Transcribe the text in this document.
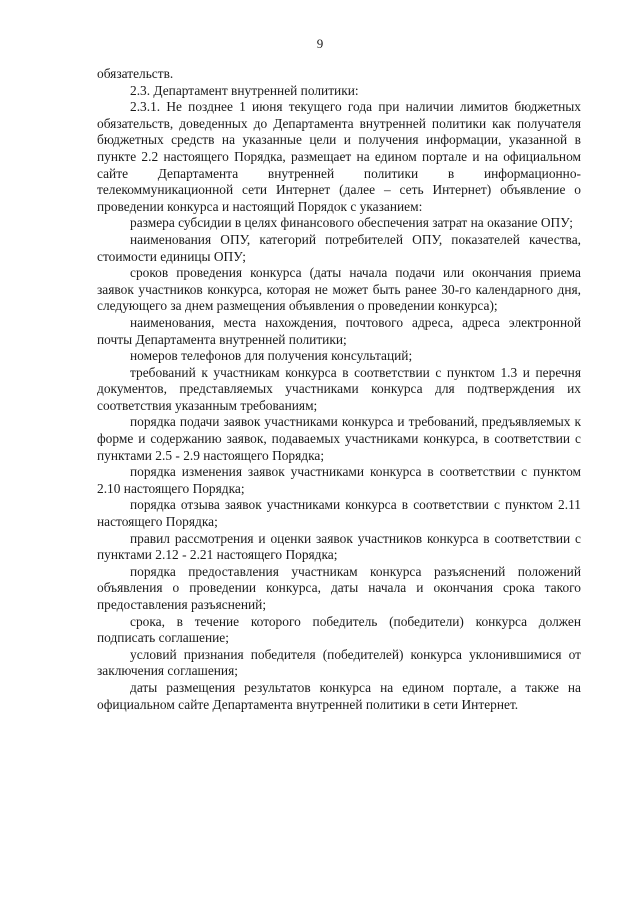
9

обязательств.

2.3. Департамент внутренней политики:

2.3.1. Не позднее 1 июня текущего года при наличии лимитов бюджетных обязательств, доведенных до Департамента внутренней политики как получателя бюджетных средств на указанные цели и получения информации, указанной в пункте 2.2 настоящего Порядка, размещает на едином портале и на официальном сайте Департамента внутренней политики в информационно-телекоммуникационной сети Интернет (далее – сеть Интернет) объявление о проведении конкурса и настоящий Порядок с указанием:

размера субсидии в целях финансового обеспечения затрат на оказание ОПУ;

наименования ОПУ, категорий потребителей ОПУ, показателей качества, стоимости единицы ОПУ;

сроков проведения конкурса (даты начала подачи или окончания приема заявок участников конкурса, которая не может быть ранее 30-го календарного дня, следующего за днем размещения объявления о проведении конкурса);

наименования, места нахождения, почтового адреса, адреса электронной почты Департамента внутренней политики;

номеров телефонов для получения консультаций;

требований к участникам конкурса в соответствии с пунктом 1.3 и перечня документов, представляемых участниками конкурса для подтверждения их соответствия указанным требованиям;

порядка подачи заявок участниками конкурса и требований, предъявляемых к форме и содержанию заявок, подаваемых участниками конкурса, в соответствии с пунктами 2.5 - 2.9 настоящего Порядка;

порядка изменения заявок участниками конкурса в соответствии с пунктом 2.10 настоящего Порядка;

порядка отзыва заявок участниками конкурса в соответствии с пунктом 2.11 настоящего Порядка;

правил рассмотрения и оценки заявок участников конкурса в соответствии с пунктами 2.12 - 2.21 настоящего Порядка;

порядка предоставления участникам конкурса разъяснений положений объявления о проведении конкурса, даты начала и окончания срока такого предоставления разъяснений;

срока, в течение которого победитель (победители) конкурса должен подписать соглашение;

условий признания победителя (победителей) конкурса уклонившимися от заключения соглашения;

даты размещения результатов конкурса на едином портале, а также на официальном сайте Департамента внутренней политики в сети Интернет.
